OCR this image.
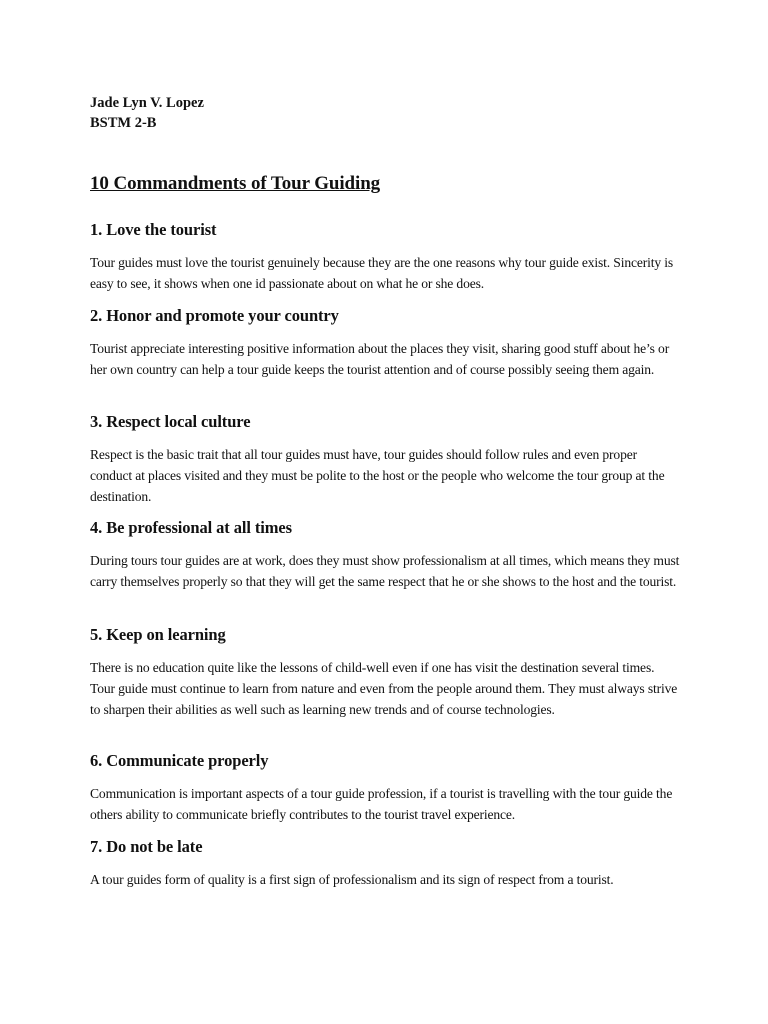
Jade Lyn V. Lopez
BSTM 2-B
10 Commandments of Tour Guiding
1. Love the tourist

Tour guides must love the tourist genuinely because they are the one reasons why tour guide exist. Sincerity is easy to see, it shows when one id passionate about on what he or she does.

2. Honor and promote your country

Tourist appreciate interesting positive information about the places they visit, sharing good stuff about he’s or her own country can help a tour guide keeps the tourist attention and of course possibly seeing them again.

3. Respect local culture

Respect is the basic trait that all tour guides must have, tour guides should follow rules and even proper conduct at places visited and they must be polite to the host or the people who welcome the tour group at the destination.

4. Be professional at all times

During tours tour guides are at work, does they must show professionalism at all times, which means they must carry themselves properly so that they will get the same respect that he or she shows to the host and the tourist.

5. Keep on learning

There is no education quite like the lessons of child-well even if one has visit the destination several times. Tour guide must continue to learn from nature and even from the people around them. They must always strive to sharpen their abilities as well such as learning new trends and of course technologies.

6. Communicate properly

Communication is important aspects of a tour guide profession, if a tourist is travelling with the tour guide the others ability to communicate briefly contributes to the tourist travel experience.

7. Do not be late

A tour guides form of quality is a first sign of professionalism and its sign of respect from a tourist.
